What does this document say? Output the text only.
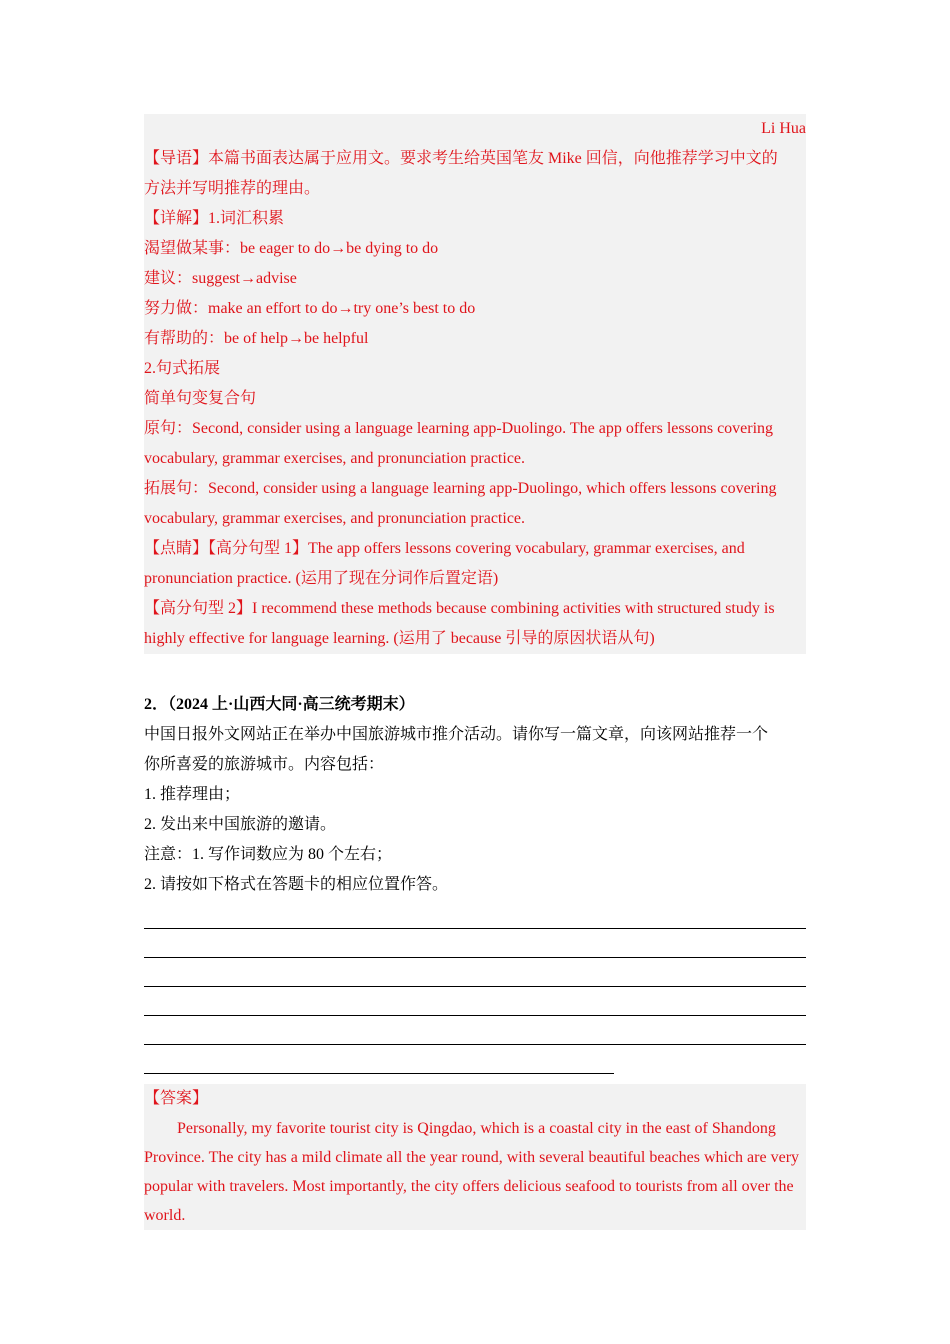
Li Hua
【导语】本篇书面表达属于应用文。要求考生给英国笔友 Mike 回信，向他推荐学习中文的
方法并写明推荐的理由。
【详解】1.词汇积累
渴望做某事：be eager to do→be dying to do
建议：suggest→advise
努力做：make an effort to do→try one’s best to do
有帮助的：be of help→be helpful
2.句式拓展
简单句变复合句
原句：Second, consider using a language learning app-Duolingo. The app offers lessons covering
vocabulary, grammar exercises, and pronunciation practice.
拓展句：Second, consider using a language learning app-Duolingo, which offers lessons covering
vocabulary, grammar exercises, and pronunciation practice.
【点睛】【高分句型 1】The app offers lessons covering vocabulary, grammar exercises, and
pronunciation practice. (运用了现在分词作后置定语)
【高分句型 2】I recommend these methods because combining activities with structured study is
highly effective for language learning. (运用了 because 引导的原因状语从句)
2．（2024 上·山西大同·高三统考期末）
中国日报外文网站正在举办中国旅游城市推介活动。请你写一篇文章，向该网站推荐一个
你所喜爱的旅游城市。内容包括：
1. 推荐理由；
2. 发出来中国旅游的邀请。
注意：1. 写作词数应为 80 个左右；
2. 请按如下格式在答题卡的相应位置作答。
【答案】
Personally, my favorite tourist city is Qingdao, which is a coastal city in the east of Shandong Province. The city has a mild climate all the year round, with several beautiful beaches which are very popular with travelers. Most importantly, the city offers delicious seafood to tourists from all over the world.
